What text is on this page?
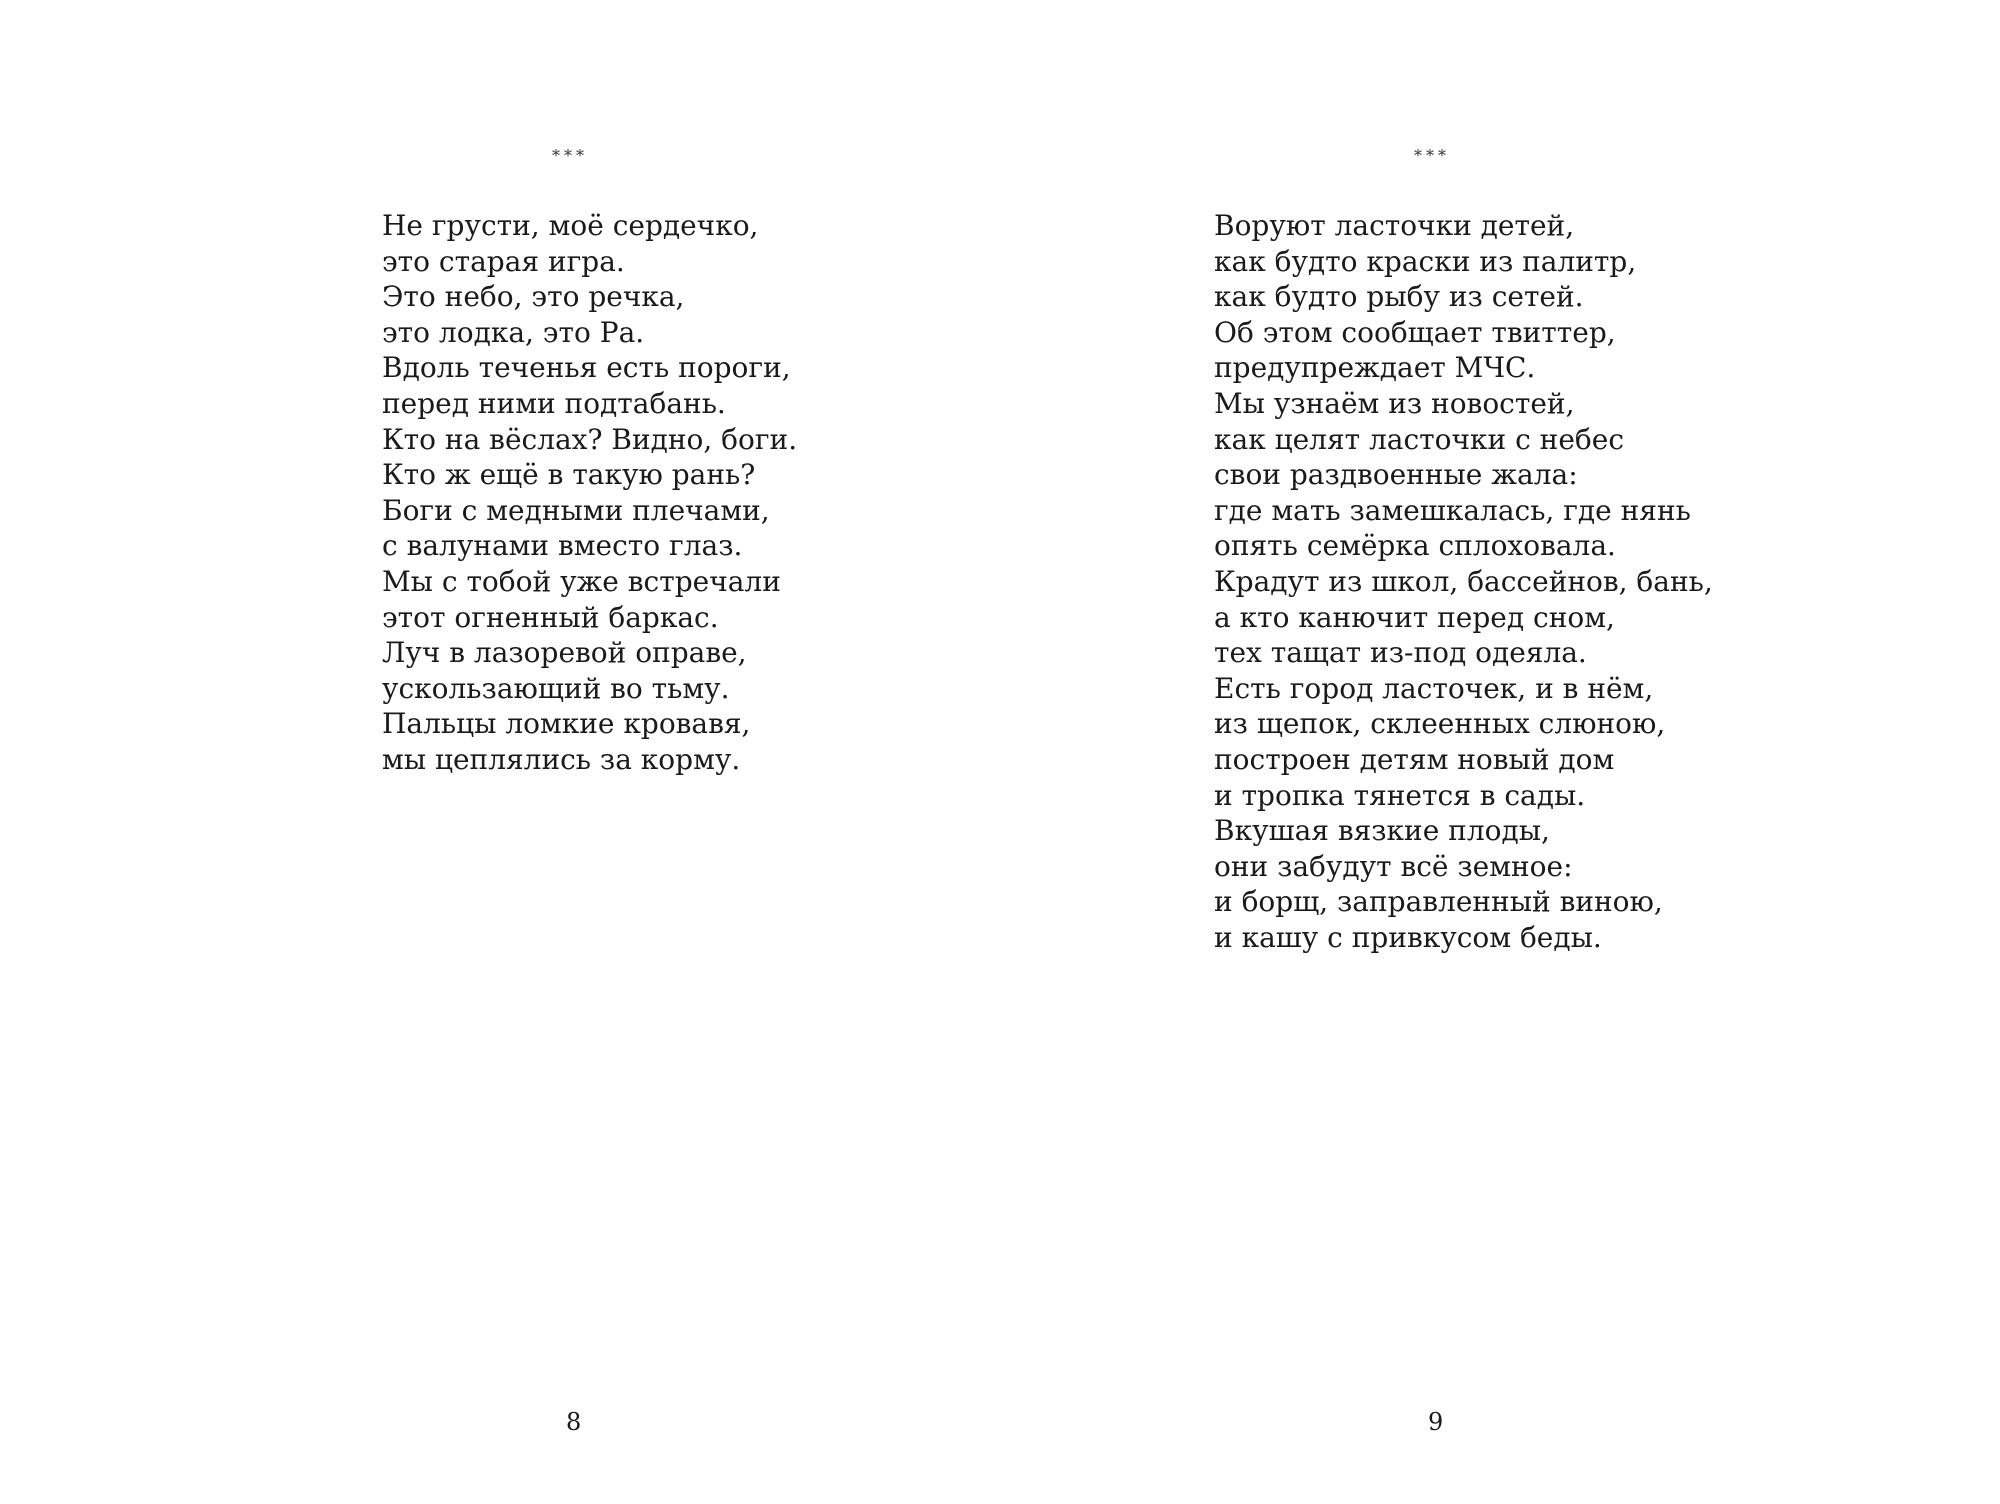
***
Не грусти, моё сердечко,
это старая игра.
Это небо, это речка,
это лодка, это Ра.
Вдоль теченья есть пороги,
перед ними подтабань.
Кто на вёслах? Видно, боги.
Кто ж ещё в такую рань?
Боги с медными плечами,
с валунами вместо глаз.
Мы с тобой уже встречали
этот огненный баркас.
Луч в лазоревой оправе,
ускользающий во тьму.
Пальцы ломкие кровавя,
мы цеплялись за корму.
8
***
Воруют ласточки детей,
как будто краски из палитр,
как будто рыбу из сетей.
Об этом сообщает твиттер,
предупреждает МЧС.
Мы узнаём из новостей,
как целят ласточки с небес
свои раздвоенные жала:
где мать замешкалась, где нянь
опять семёрка сплоховала.
Крадут из школ, бассейнов, бань,
а кто канючит перед сном,
тех тащат из-под одеяла.
Есть город ласточек, и в нём,
из щепок, склеенных слюною,
построен детям новый дом
и тропка тянется в сады.
Вкушая вязкие плоды,
они забудут всё земное:
и борщ, заправленный виною,
и кашу с привкусом беды.
9
